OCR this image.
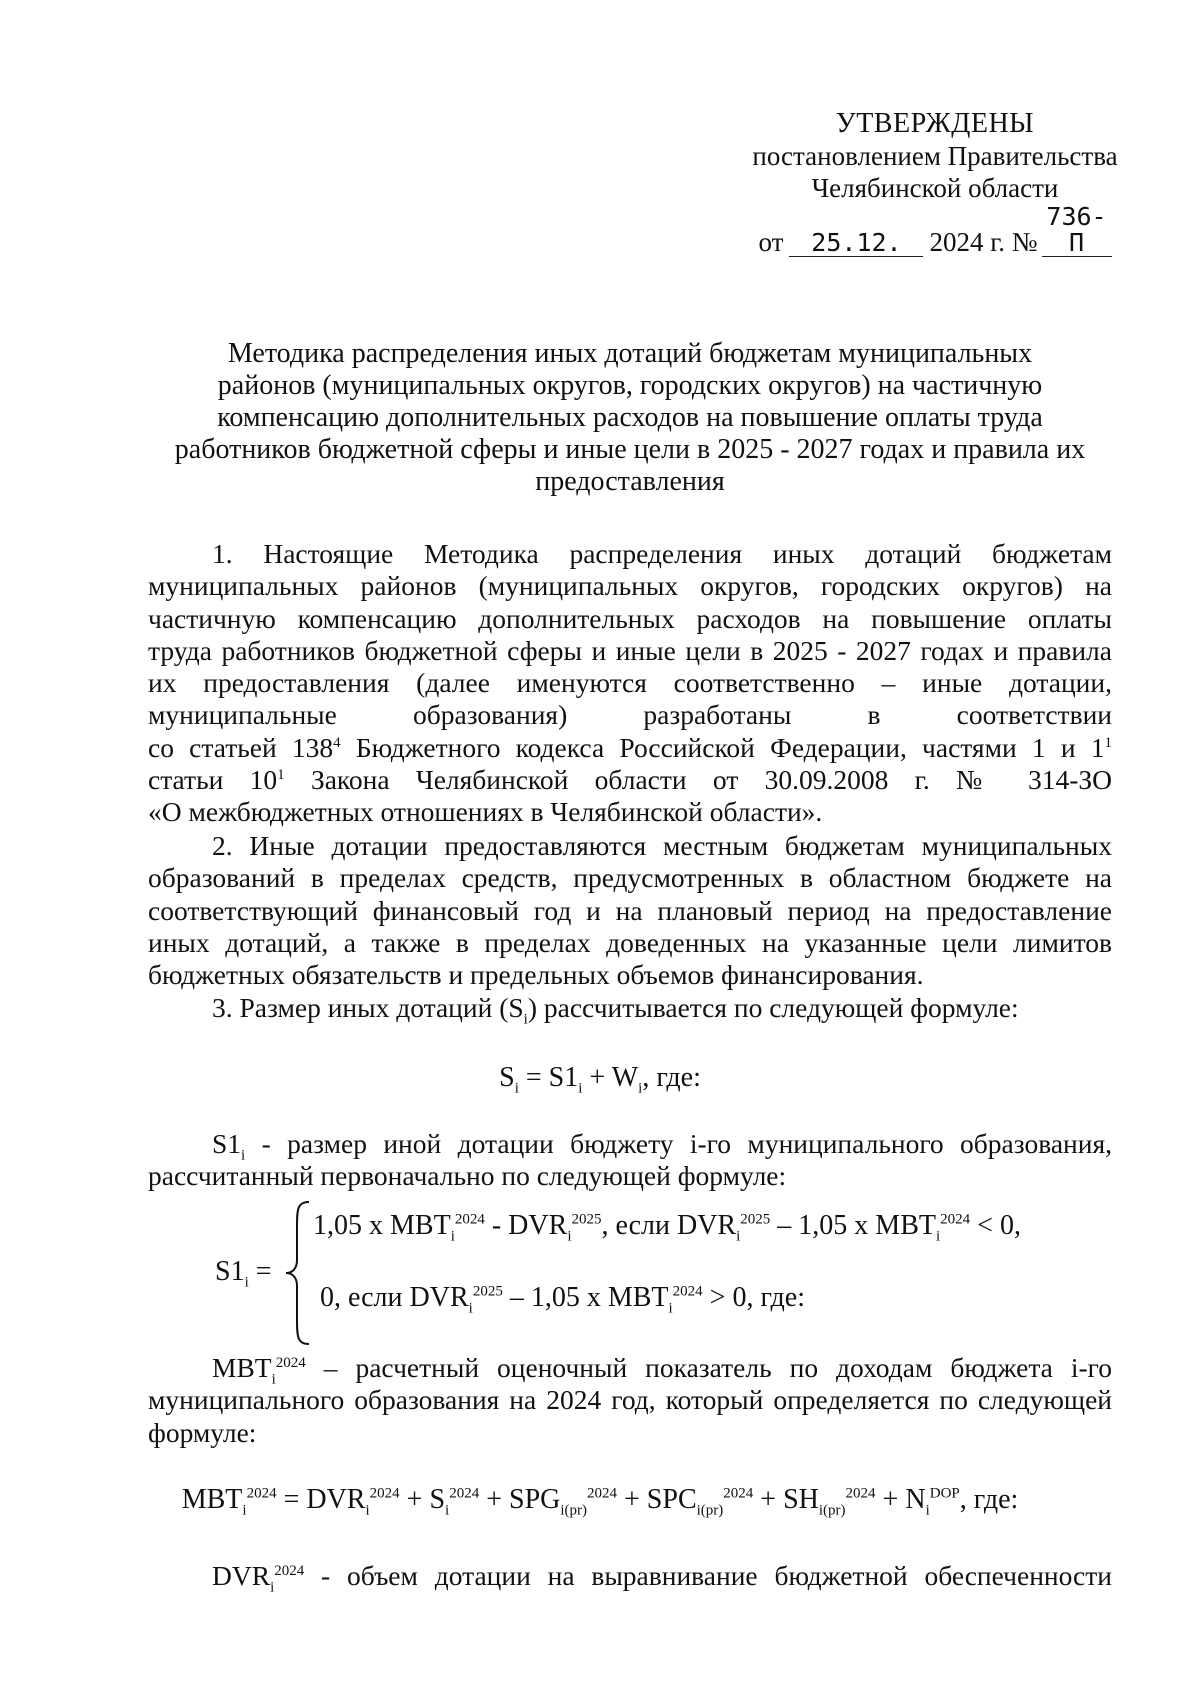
УТВЕРЖДЕНЫ
постановлением Правительства
Челябинской области
от 25.12. 2024 г. №736-П
Методика распределения иных дотаций бюджетам муниципальных
районов (муниципальных округов, городских округов) на частичную
компенсацию дополнительных расходов на повышение оплаты труда
работников бюджетной сферы и иные цели в 2025 - 2027 годах и правила их
предоставления
1. Настоящие Методика распределения иных дотаций бюджетам
муниципальных районов (муниципальных округов, городских округов) на
частичную компенсацию дополнительных расходов на повышение оплаты
труда работников бюджетной сферы и иные цели в 2025 - 2027 годах и правила
их предоставления (далее именуются соответственно – иные дотации,
муниципальные образования) разработаны в соответствии
со статьей $138^4$ Бюджетного кодекса Российской Федерации, частями 1 и $1^1$
статьи $10^1$ Закона Челябинской области от 30.09.2008 г. № 314-ЗО
«О межбюджетных отношениях в Челябинской области».
2. Иные дотации предоставляются местным бюджетам муниципальных
образований в пределах средств, предусмотренных в областном бюджете на
соответствующий финансовый год и на плановый период на предоставление
иных дотаций, а также в пределах доведенных на указанные цели лимитов
бюджетных обязательств и предельных объемов финансирования.
3. Размер иных дотаций $(S_i)$ рассчитывается по следующей формуле:
$S_i = S1_i + W_i$, где:
$S1_i$ - размер иной дотации бюджету i-го муниципального образования,
рассчитанный первоначально по следующей формуле:
$S1_i$ =
1,05 x $MBT_i^{2024} - DVR_i^{2025}$, если $DVR_i^{2025} - 1,05$ x $MBT_i^{2024} < 0$,
0, если $DVR_i^{2025} - 1,05$ x $MBT_i^{2024} > 0$, где:
$MBT_i^{2024}$ – расчетный оценочный показатель по доходам бюджета i-го
муниципального образования на 2024 год, который определяется по следующей
формуле:
$MBT_i^{2024} = DVR_i^{2024} + S_i^{2024} + SPG_{i(pr)}^{2024} + SPC_{i(pr)}^{2024} + SH_{i(pr)}^{2024} + N_i^{DOP}$, где:
$DVR_i^{2024}$ - объем дотации на выравнивание бюджетной обеспеченности
